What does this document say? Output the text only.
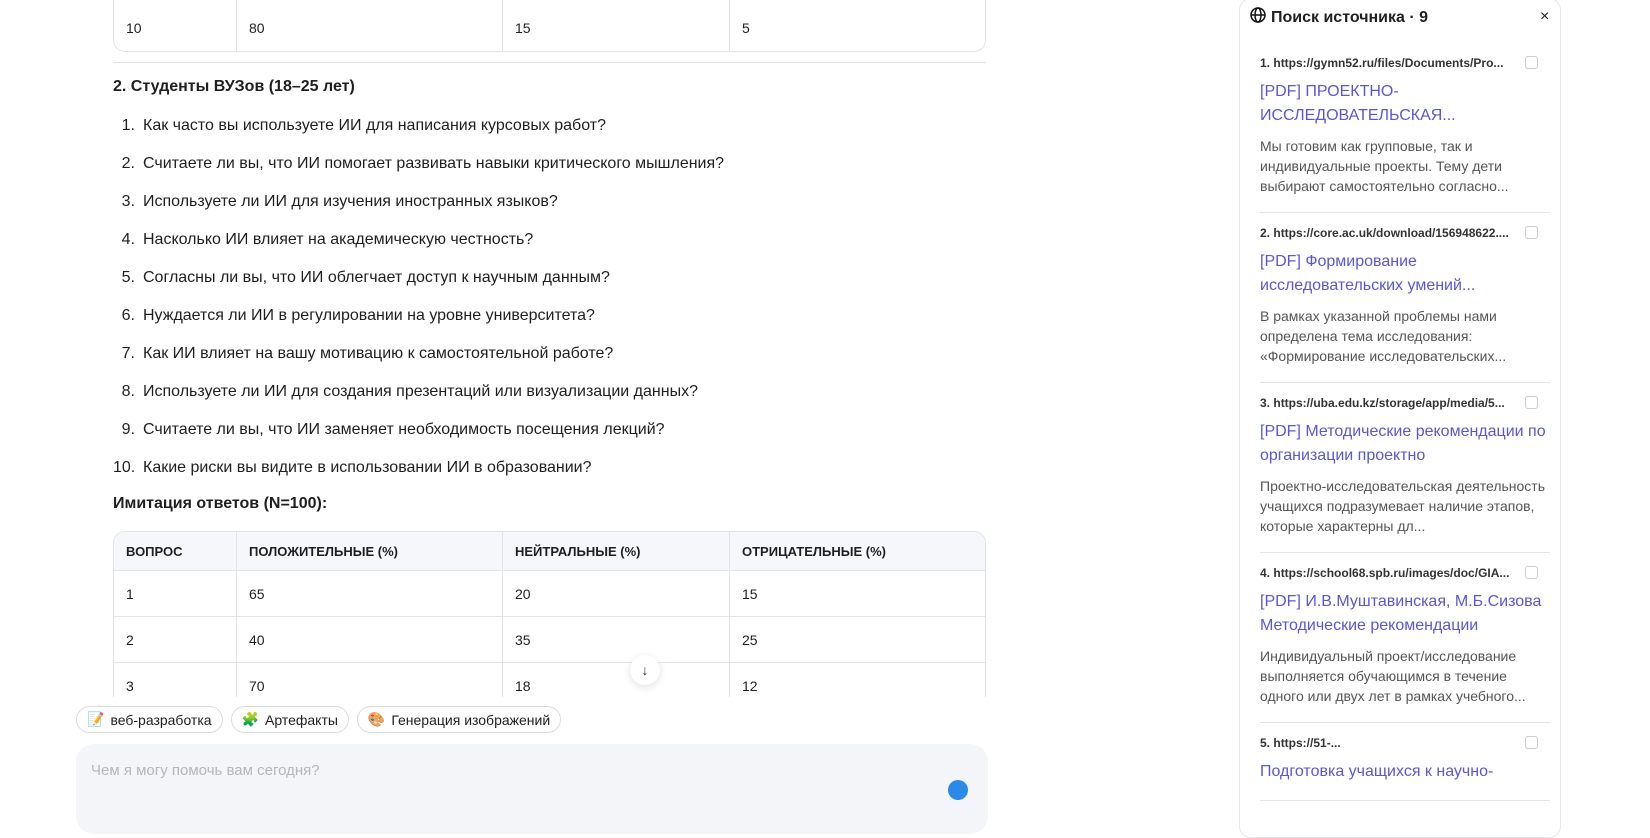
10	80	15	5
2. Студенты ВУЗов (18–25 лет)
1. Как часто вы используете ИИ для написания курсовых работ?
2. Считаете ли вы, что ИИ помогает развивать навыки критического мышления?
3. Используете ли ИИ для изучения иностранных языков?
4. Насколько ИИ влияет на академическую честность?
5. Согласны ли вы, что ИИ облегчает доступ к научным данным?
6. Нуждается ли ИИ в регулировании на уровне университета?
7. Как ИИ влияет на вашу мотивацию к самостоятельной работе?
8. Используете ли ИИ для создания презентаций или визуализации данных?
9. Считаете ли вы, что ИИ заменяет необходимость посещения лекций?
10. Какие риски вы видите в использовании ИИ в образовании?
Имитация ответов (N=100):
ВОПРОС	ПОЛОЖИТЕЛЬНЫЕ (%)	НЕЙТРАЛЬНЫЕ (%)	ОТРИЦАТЕЛЬНЫЕ (%)
1	65	20	15
2	40	35	25
3	70	18	12
↓
📝 веб-разработка 🧩 Артефакты 🎨 Генерация изображений
Чем я могу помочь вам сегодня?
Поиск источника · 9
1. https://gymn52.ru/files/Documents/Pro...
[PDF] ПРОЕКТНО-ИССЛЕДОВАТЕЛЬСКАЯ...
Мы готовим как групповые, так и индивидуальные проекты. Тему дети выбирают самостоятельно согласно...
2. https://core.ac.uk/download/156948622....
[PDF] Формирование исследовательских умений...
В рамках указанной проблемы нами определена тема исследования: «Формирование исследовательских...
3. https://uba.edu.kz/storage/app/media/5...
[PDF] Методические рекомендации по организации проектно
Проектно-исследовательская деятельность учащихся подразумевает наличие этапов, которые характерны дл...
4. https://school68.spb.ru/images/doc/GIA...
[PDF] И.В.Муштавинская, М.Б.Сизова Методические рекомендации
Индивидуальный проект/исследование выполняется обучающимся в течение одного или двух лет в рамках учебного...
5. https://51-...
Подготовка учащихся к научно-
×
